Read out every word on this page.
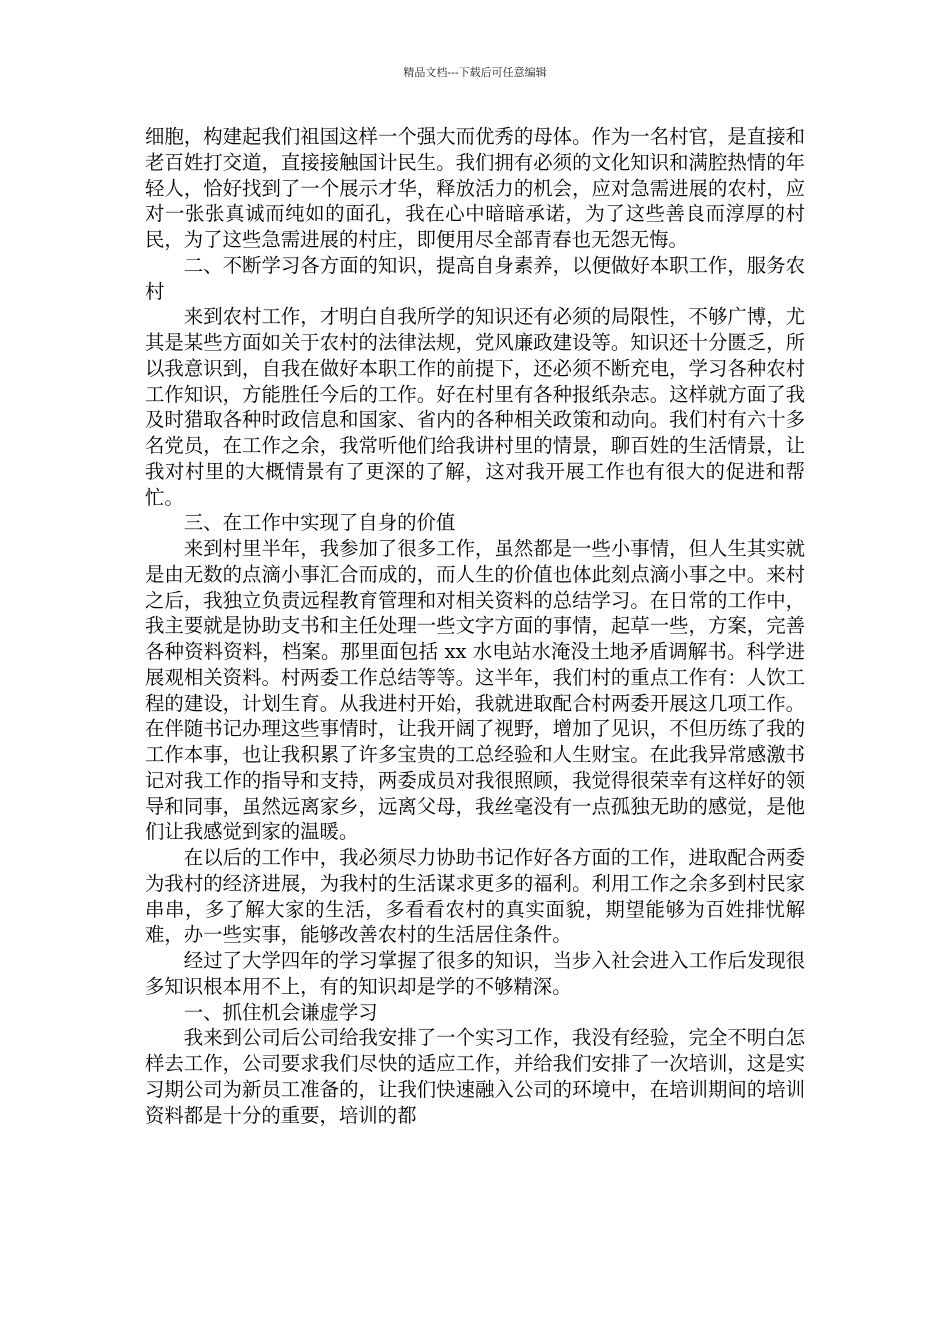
精品文档---下载后可任意编辑

细胞，构建起我们祖国这样一个强大而优秀的母体。作为一名村官，是直接和老百姓打交道，直接接触国计民生。我们拥有必须的文化知识和满腔热情的年轻人，恰好找到了一个展示才华，释放活力的机会，应对急需进展的农村，应对一张张真诚而纯如的面孔，我在心中暗暗承诺，为了这些善良而淳厚的村民，为了这些急需进展的村庄，即便用尽全部青春也无怨无悔。

二、不断学习各方面的知识，提高自身素养，以便做好本职工作，服务农村

来到农村工作，才明白自我所学的知识还有必须的局限性，不够广博，尤其是某些方面如关于农村的法律法规，党风廉政建设等。知识还十分匮乏，所以我意识到，自我在做好本职工作的前提下，还必须不断充电，学习各种农村工作知识，方能胜任今后的工作。好在村里有各种报纸杂志。这样就方面了我及时猎取各种时政信息和国家、省内的各种相关政策和动向。我们村有六十多名党员，在工作之余，我常听他们给我讲村里的情景，聊百姓的生活情景，让我对村里的大概情景有了更深的了解，这对我开展工作也有很大的促进和帮忙。

三、在工作中实现了自身的价值

来到村里半年，我参加了很多工作，虽然都是一些小事情，但人生其实就是由无数的点滴小事汇合而成的，而人生的价值也体此刻点滴小事之中。来村之后，我独立负责远程教育管理和对相关资料的总结学习。在日常的工作中，我主要就是协助支书和主任处理一些文字方面的事情，起草一些，方案，完善各种资料资料，档案。那里面包括 xx 水电站水淹没土地矛盾调解书。科学进展观相关资料。村两委工作总结等等。这半年，我们村的重点工作有：人饮工程的建设，计划生育。从我进村开始，我就进取配合村两委开展这几项工作。在伴随书记办理这些事情时，让我开阔了视野，增加了见识，不但历练了我的工作本事，也让我积累了许多宝贵的工总经验和人生财宝。在此我异常感激书记对我工作的指导和支持，两委成员对我很照顾，我觉得很荣幸有这样好的领导和同事，虽然远离家乡，远离父母，我丝毫没有一点孤独无助的感觉，是他们让我感觉到家的温暖。

在以后的工作中，我必须尽力协助书记作好各方面的工作，进取配合两委为我村的经济进展，为我村的生活谋求更多的福利。利用工作之余多到村民家串串，多了解大家的生活，多看看农村的真实面貌，期望能够为百姓排忧解难，办一些实事，能够改善农村的生活居住条件。

经过了大学四年的学习掌握了很多的知识，当步入社会进入工作后发现很多知识根本用不上，有的知识却是学的不够精深。

一、抓住机会谦虚学习

我来到公司后公司给我安排了一个实习工作，我没有经验，完全不明白怎样去工作，公司要求我们尽快的适应工作，并给我们安排了一次培训，这是实习期公司为新员工准备的，让我们快速融入公司的环境中，在培训期间的培训资料都是十分的重要，培训的都
